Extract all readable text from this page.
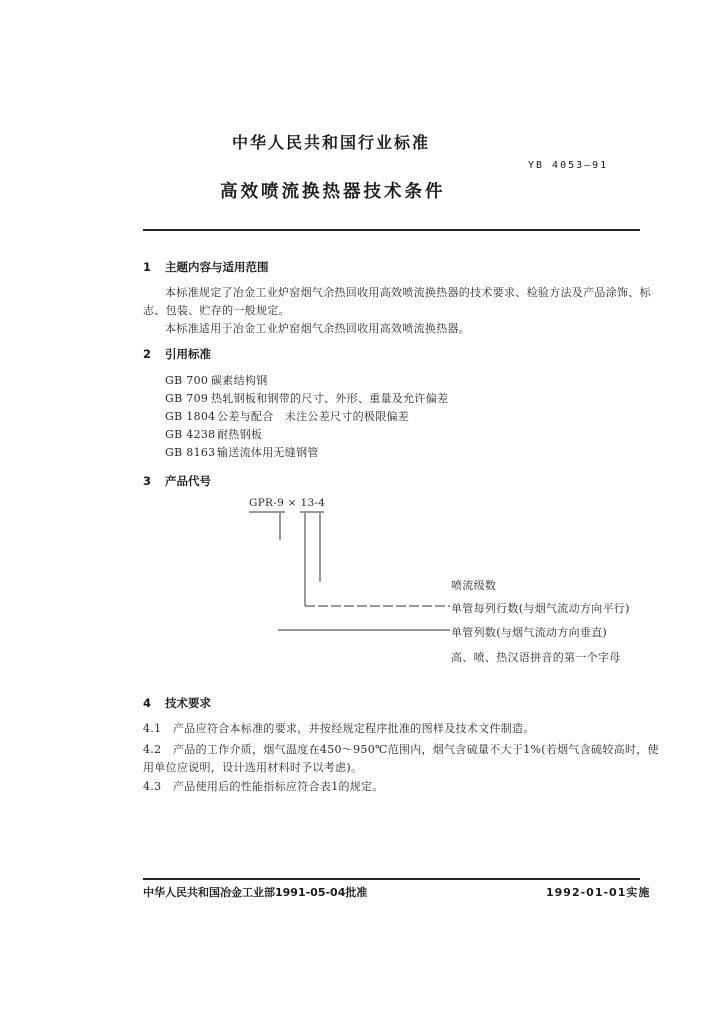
中华人民共和国行业标准
YB 4053—91
高效喷流换热器技术条件
1 主题内容与适用范围
本标准规定了冶金工业炉窑烟气余热回收用高效喷流换热器的技术要求、检验方法及产品涂饰、标
志、包装、贮存的一般规定。
本标准适用于冶金工业炉窑烟气余热回收用高效喷流换热器。
2 引用标准
GB 700 碳素结构钢
GB 709 热轧钢板和钢带的尺寸、外形、重量及允许偏差
GB 1804 公差与配合　未注公差尺寸的极限偏差
GB 4238 耐热钢板
GB 8163 输送流体用无缝钢管
3 产品代号
GPR-9 × 13-4
喷流级数
单管每列行数(与烟气流动方向平行)
单管列数(与烟气流动方向垂直)
高、喷、热汉语拼音的第一个字母
4 技术要求
4.1 产品应符合本标准的要求，并按经规定程序批准的图样及技术文件制造。
4.2 产品的工作介质，烟气温度在450～950℃范围内，烟气含硫量不大于1%(若烟气含硫较高时，使
用单位应说明，设计选用材料时予以考虑)。
4.3 产品使用后的性能指标应符合表1的规定。
中华人民共和国冶金工业部1991-05-04批准	1992-01-01实施
